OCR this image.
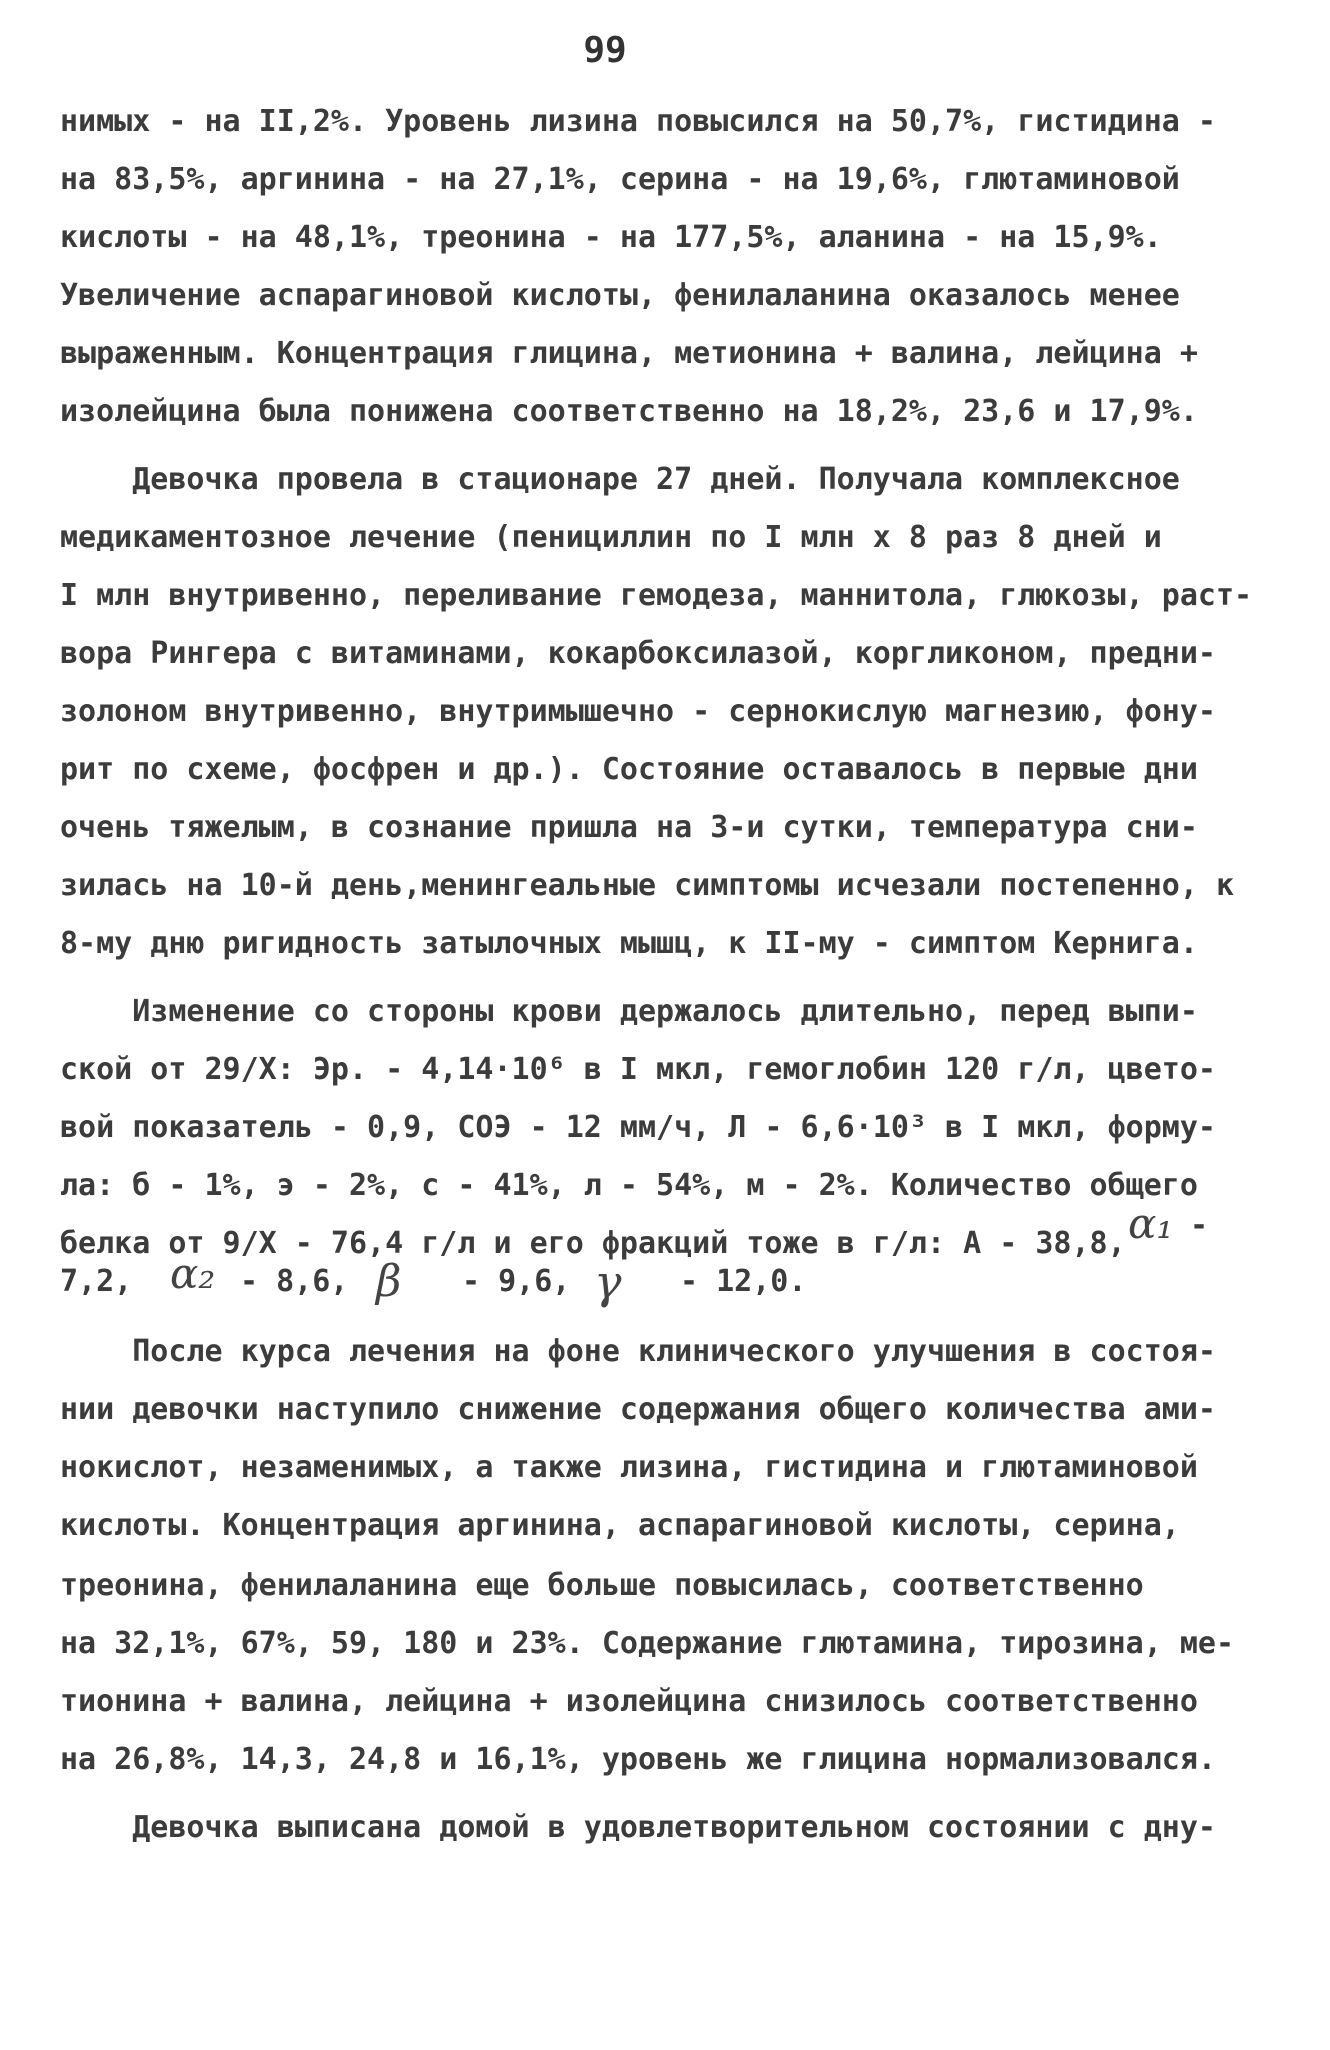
99
нимых - на II,2%. Уровень лизина повысился на 50,7%, гистидина -
на 83,5%, аргинина - на 27,1%, серина - на 19,6%, глютаминовой
кислоты - на 48,1%, треонина - на 177,5%, аланина - на 15,9%.
Увеличение аспарагиновой кислоты, фенилаланина оказалось менее
выраженным. Концентрация глицина, метионина + валина, лейцина +
изолейцина была понижена соответственно на 18,2%, 23,6 и 17,9%.
Девочка провела в стационаре 27 дней. Получала комплексное
медикаментозное лечение (пенициллин по I млн х 8 раз 8 дней и
I млн внутривенно, переливание гемодеза, маннитола, глюкозы, раст-
вора Рингера с витаминами, кокарбоксилазой, коргликоном, предни-
золоном внутривенно, внутримышечно - сернокислую магнезию, фону-
рит по схеме, фосфрен и др.). Состояние оставалось в первые дни
очень тяжелым, в сознание пришла на 3-и сутки, температура сни-
зилась на 10-й день,менингеальные симптомы исчезали постепенно, к
8-му дню ригидность затылочных мышц, к II-му - симптом Кернига.
Изменение со стороны крови держалось длительно, перед выпи-
ской от 29/X: Эр. - 4,14·10⁶ в I мкл, гемоглобин 120 г/л, цвето-
вой показатель - 0,9, СОЭ - 12 мм/ч, Л - 6,6·10³ в I мкл, форму-
ла: б - 1%, э - 2%, с - 41%, л - 54%, м - 2%. Количество общего
белка от 9/X - 76,4 г/л и его фракций тоже в г/л: А - 38,8,
7,2,
После курса лечения на фоне клинического улучшения в состоя-
нии девочки наступило снижение содержания общего количества ами-
нокислот, незаменимых, а также лизина, гистидина и глютаминовой
кислоты. Концентрация аргинина, аспарагиновой кислоты, серина,
треонина, фенилаланина еще больше повысилась, соответственно
на 32,1%, 67%, 59, 180 и 23%. Содержание глютамина, тирозина, ме-
тионина + валина, лейцина + изолейцина снизилось соответственно
на 26,8%, 14,3, 24,8 и 16,1%, уровень же глицина нормализовался.
Девочка выписана домой в удовлетворительном состоянии с дну-
α₁ -
α₂ - 8,6, β - 9,6, γ - 12,0.
